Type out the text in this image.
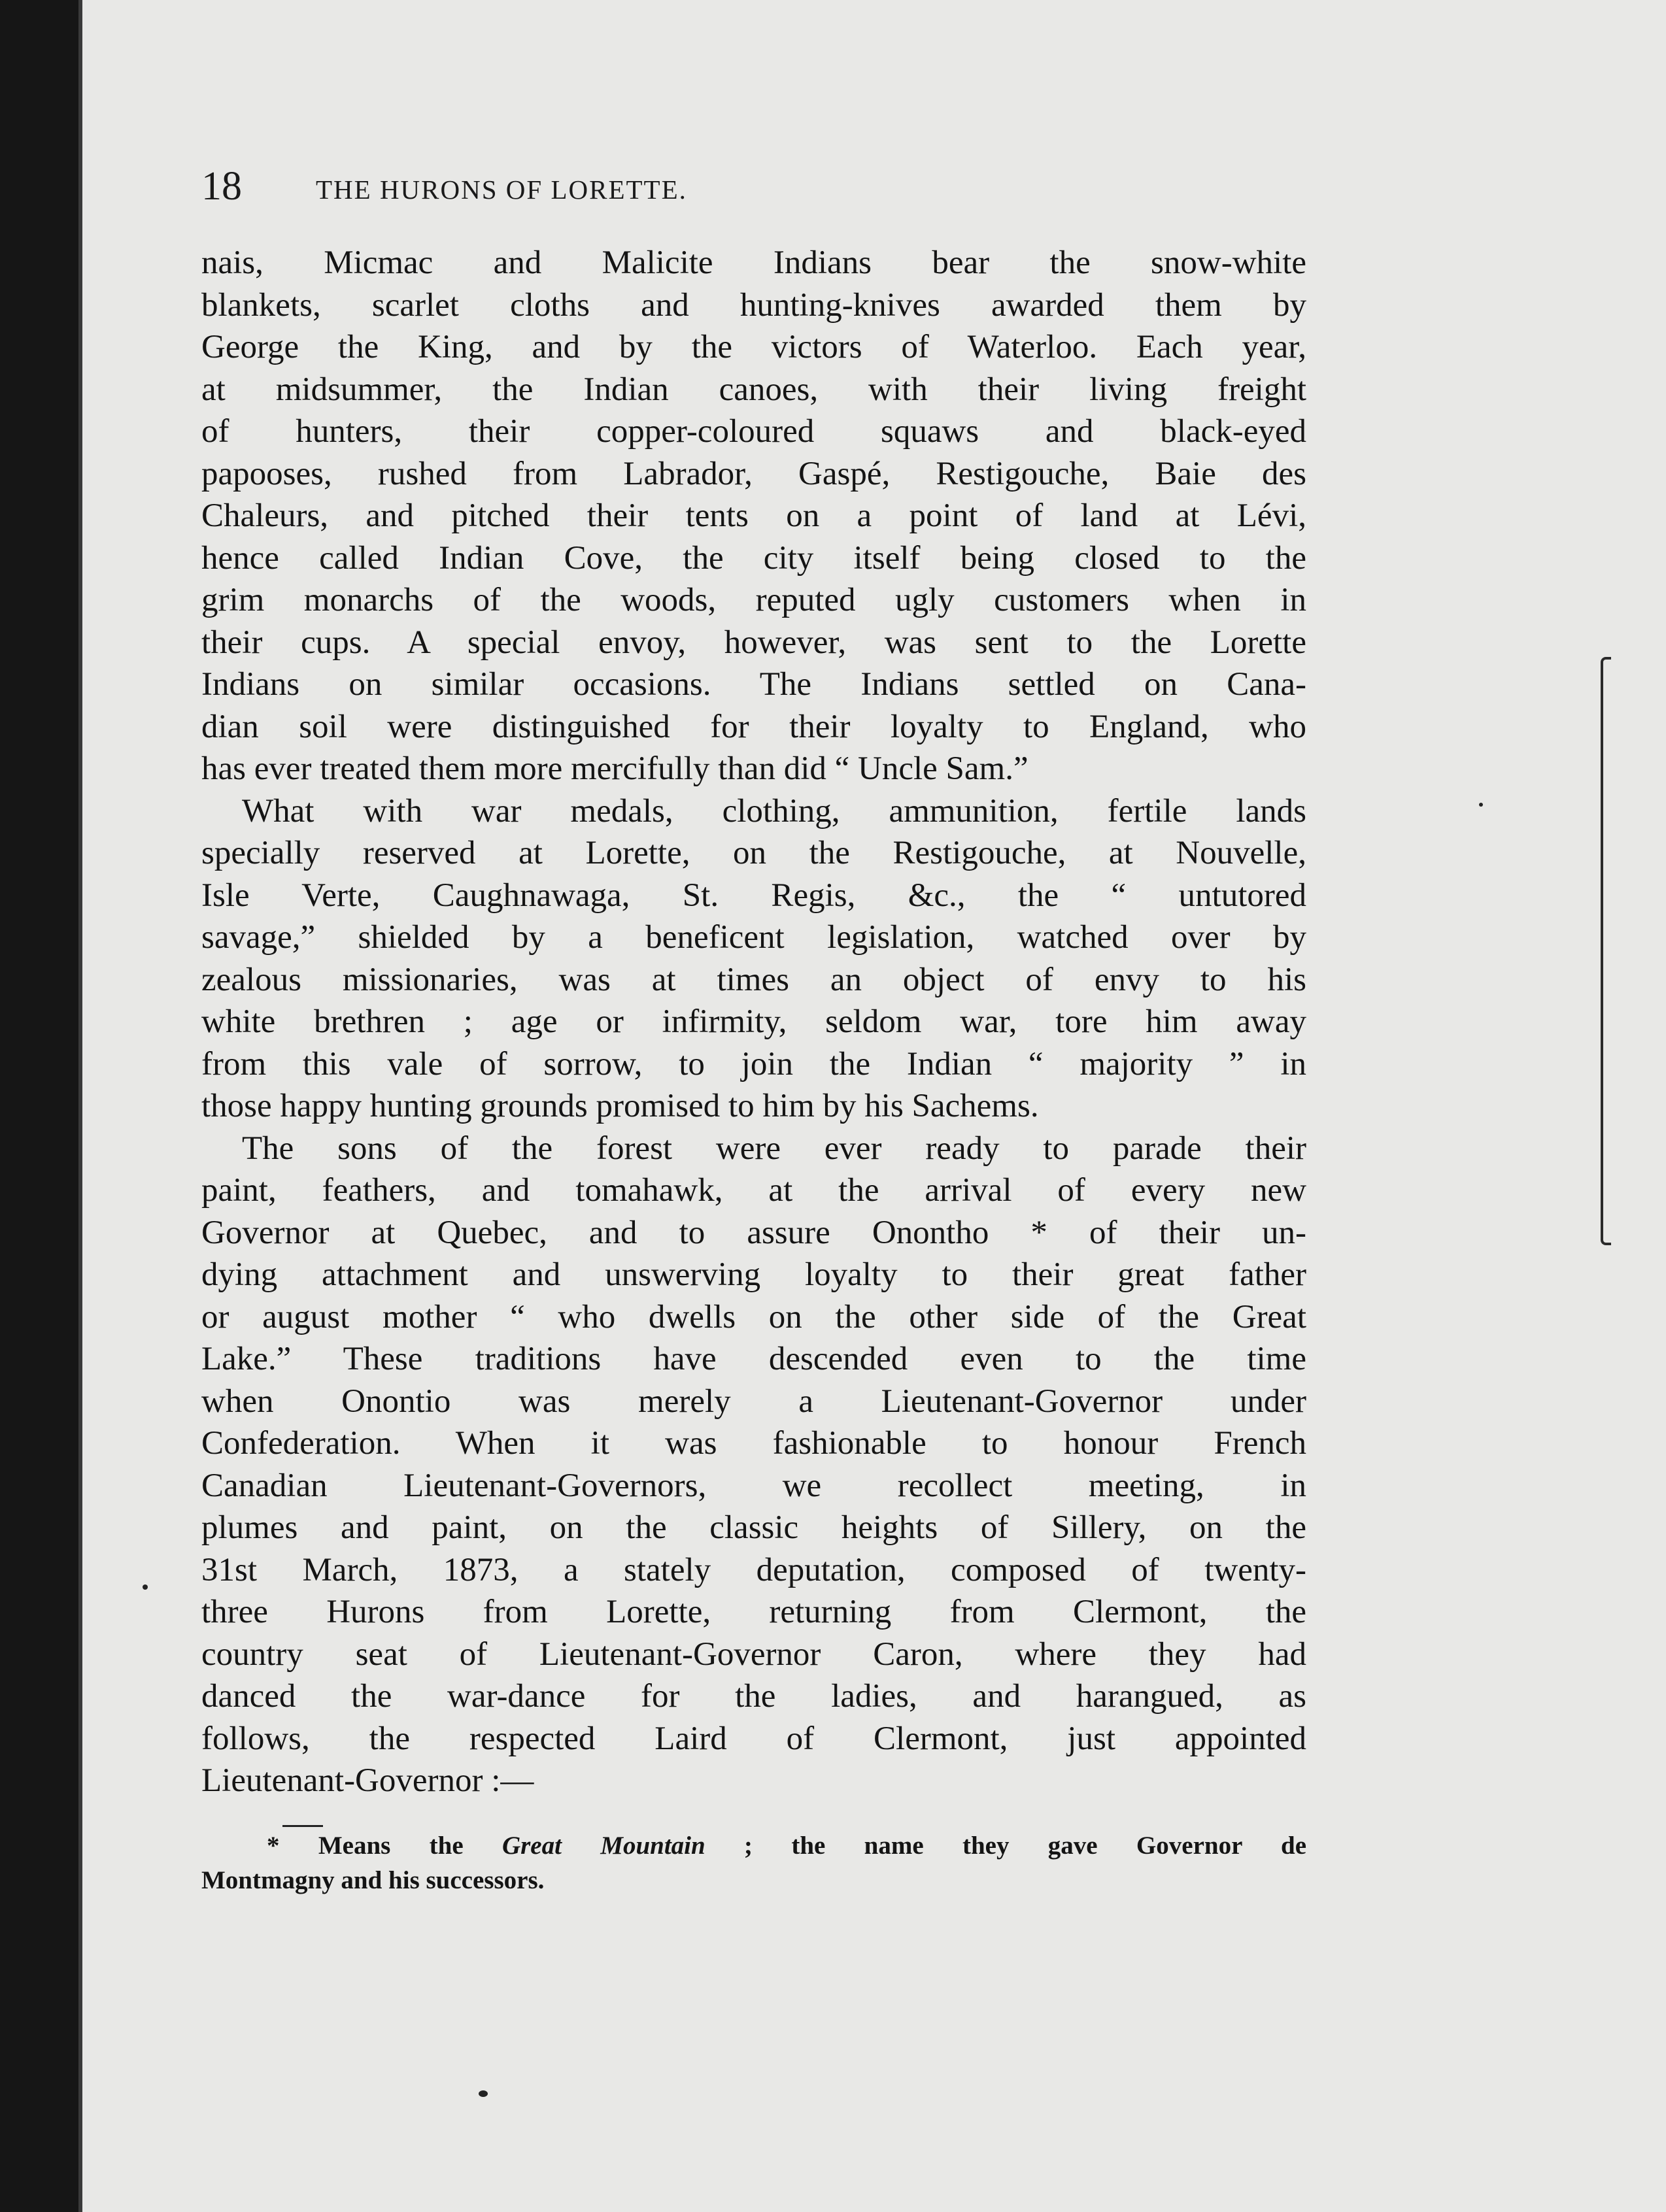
18	THE HURONS OF LORETTE.

nais, Micmac and Malicite Indians bear the snow-white
blankets, scarlet cloths and hunting-knives awarded them by
George the King, and by the victors of Waterloo. Each year,
at midsummer, the Indian canoes, with their living freight
of hunters, their copper-coloured squaws and black-eyed
papooses, rushed from Labrador, Gaspé, Restigouche, Baie des
Chaleurs, and pitched their tents on a point of land at Lévi,
hence called Indian Cove, the city itself being closed to the
grim monarchs of the woods, reputed ugly customers when in
their cups. A special envoy, however, was sent to the Lorette
Indians on similar occasions. The Indians settled on Cana-
dian soil were distinguished for their loyalty to England, who
has ever treated them more mercifully than did “ Uncle Sam.”

What with war medals, clothing, ammunition, fertile lands
specially reserved at Lorette, on the Restigouche, at Nouvelle,
Isle Verte, Caughnawaga, St. Regis, &c., the “ untutored
savage,” shielded by a beneficent legislation, watched over by
zealous missionaries, was at times an object of envy to his
white brethren ; age or infirmity, seldom war, tore him away
from this vale of sorrow, to join the Indian “ majority ” in
those happy hunting grounds promised to him by his Sachems.

The sons of the forest were ever ready to parade their
paint, feathers, and tomahawk, at the arrival of every new
Governor at Quebec, and to assure Onontho * of their un-
dying attachment and unswerving loyalty to their great father
or august mother “ who dwells on the other side of the Great
Lake.” These traditions have descended even to the time
when Onontio was merely a Lieutenant-Governor under
Confederation. When it was fashionable to honour French
Canadian Lieutenant-Governors, we recollect meeting, in
plumes and paint, on the classic heights of Sillery, on the
31st March, 1873, a stately deputation, composed of twenty-
three Hurons from Lorette, returning from Clermont, the
country seat of Lieutenant-Governor Caron, where they had
danced the war-dance for the ladies, and harangued, as
follows, the respected Laird of Clermont, just appointed
Lieutenant-Governor :—

* Means the Great Mountain ; the name they gave Governor de
Montmagny and his successors.
